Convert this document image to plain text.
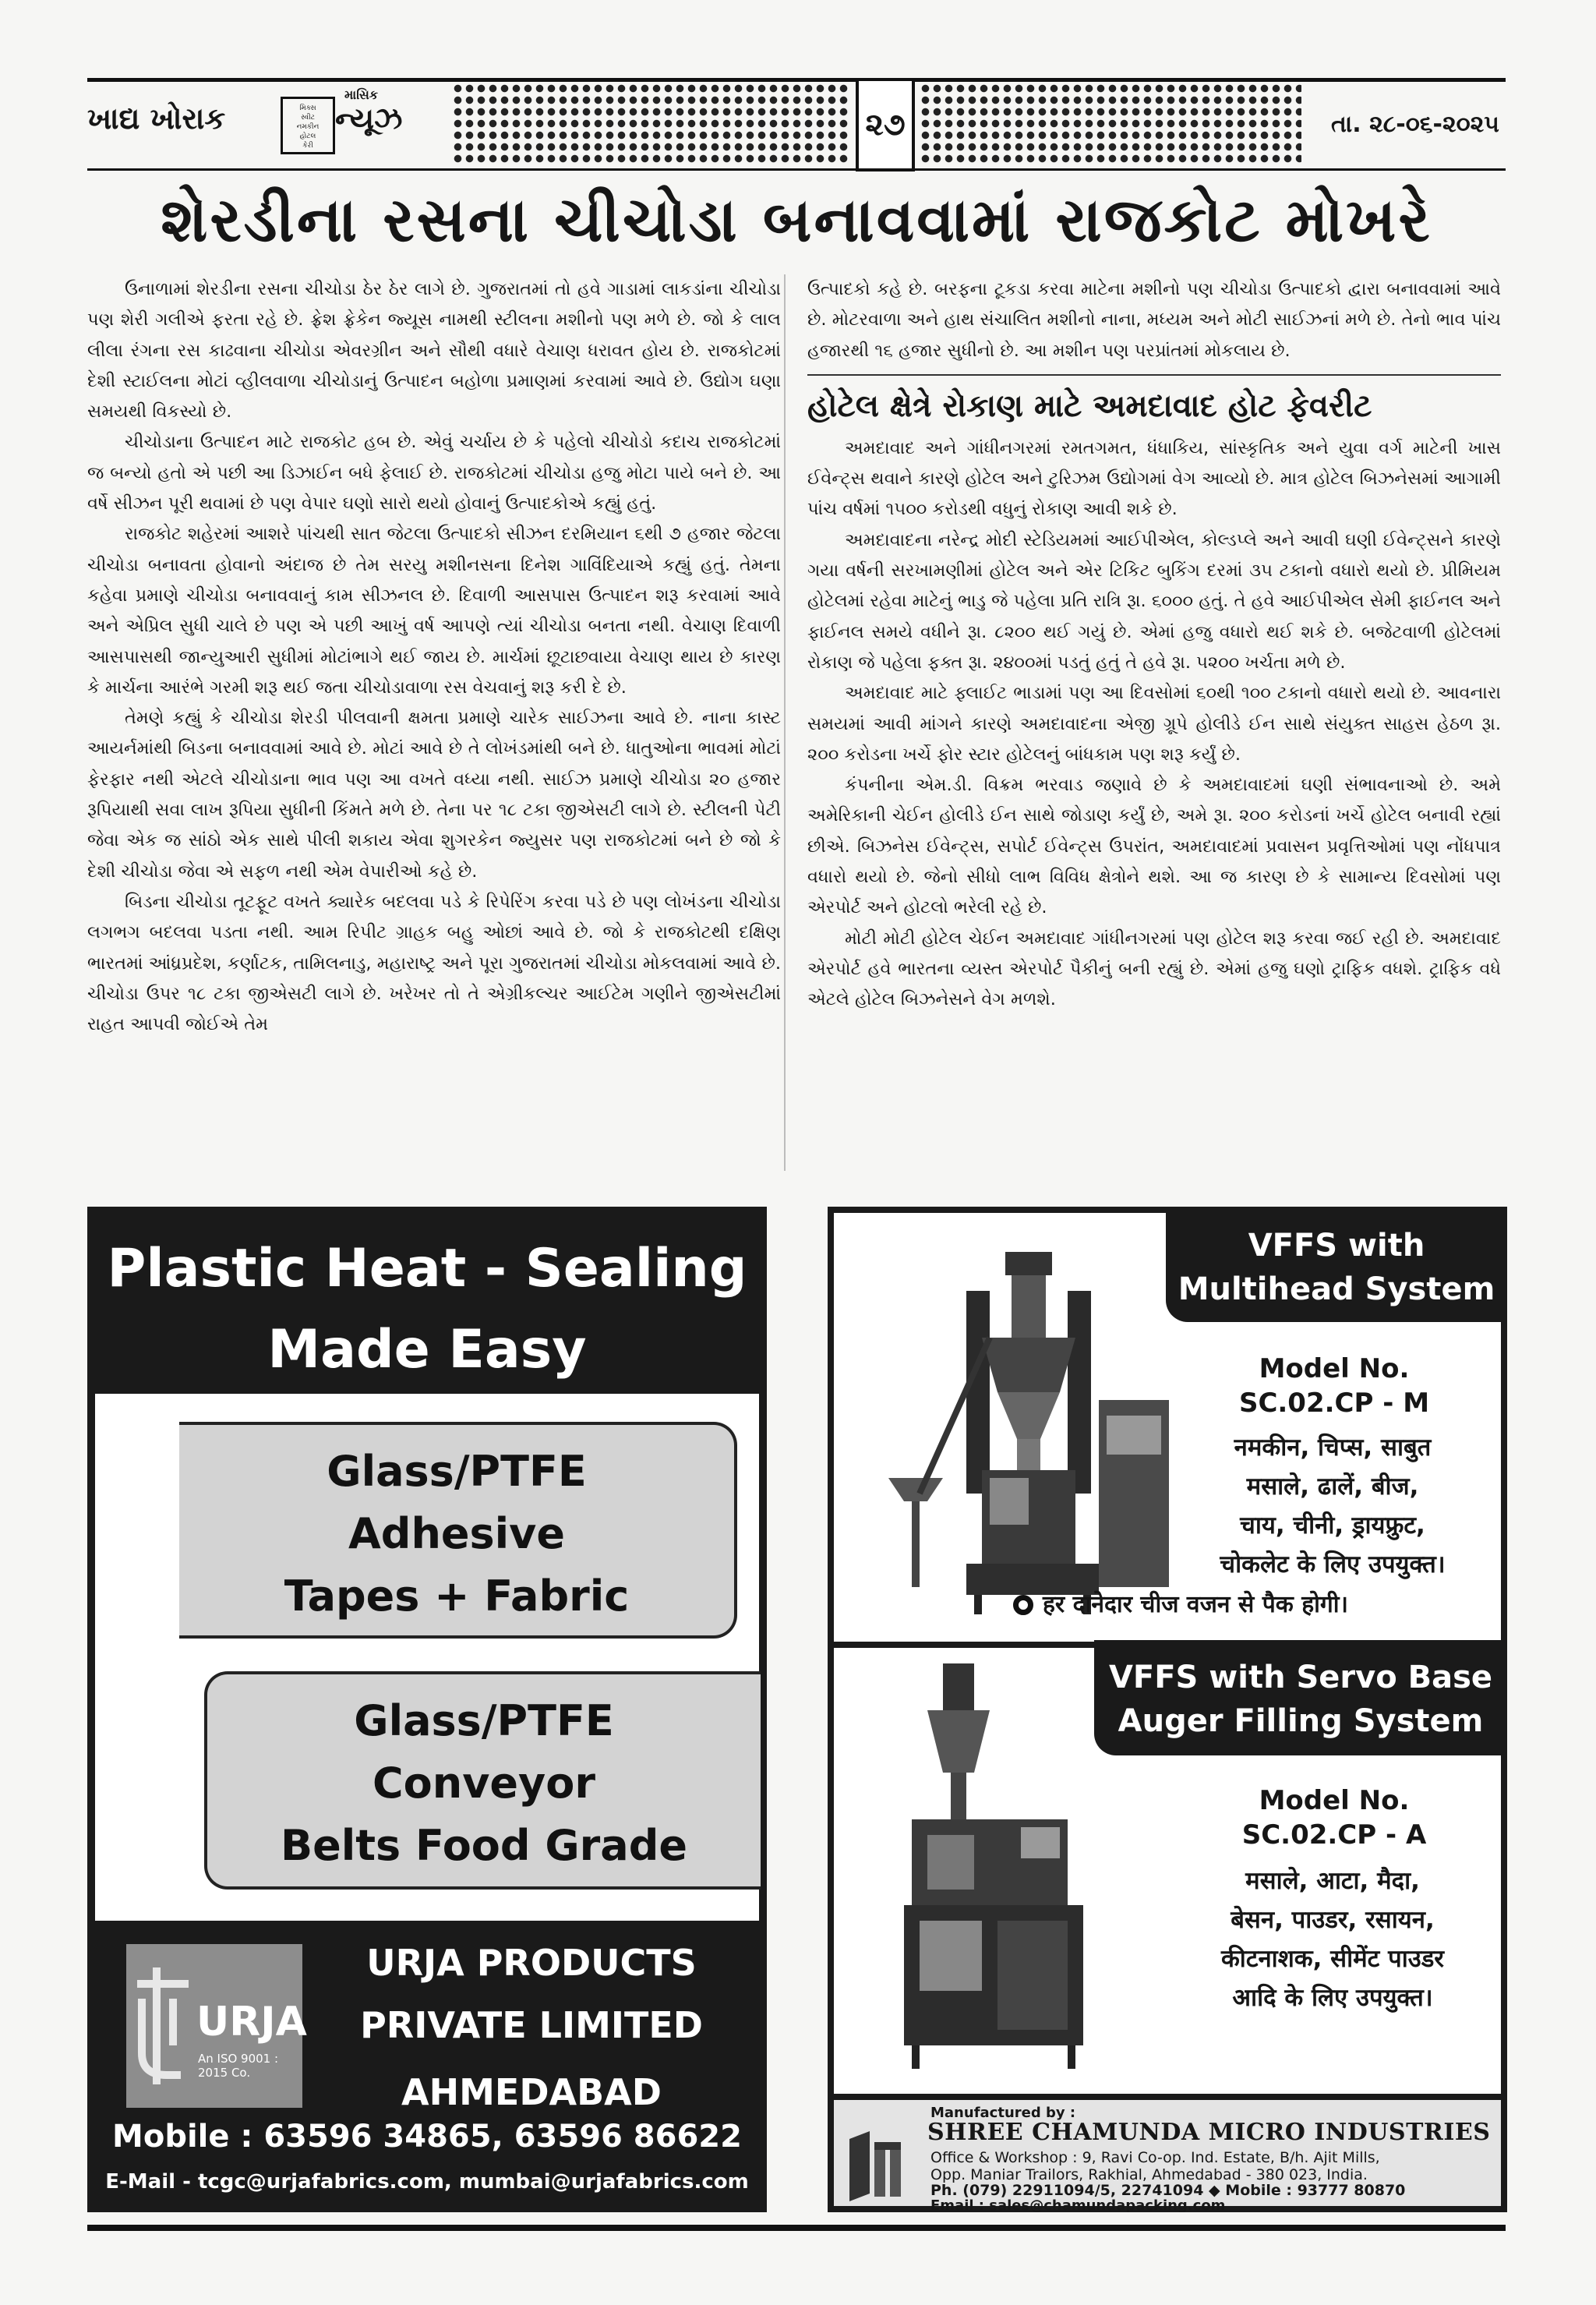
ખાદ્ય ખોરાક	મિક્સ
સ્વીટ
નમકીન
હોટલ
કેરી
માસિક
ન્યૂઝ	૨૭	તા. ૨૮-૦૬-૨૦૨૫
શેરડીના રસના ચીચોડા બનાવવામાં રાજકોટ મોખરે

ઉનાળામાં શેરડીના રસના ચીચોડા ઠેર ઠેર લાગે છે. ગુજરાતમાં તો હવે ગાડામાં લાકડાંના ચીચોડા પણ શેરી ગલીએ ફરતા રહે છે. ફ્રેશ ફ્રેકેન જ્યૂસ નામથી સ્ટીલના મશીનો પણ મળે છે. જો કે લાલ લીલા રંગના રસ કાઢવાના ચીચોડા એવરગ્રીન અને સૌથી વધારે વેચાણ ધરાવત હોય છે. રાજકોટમાં દેશી સ્ટાઈલના મોટાં વ્હીલવાળા ચીચોડાનું ઉત્પાદન બહોળા પ્રમાણમાં કરવામાં આવે છે. ઉદ્યોગ ઘણા સમયથી વિકસ્યો છે.

ચીચોડાના ઉત્પાદન માટે રાજકોટ હબ છે. એવું ચર્ચાય છે કે પહેલો ચીચોડો કદાચ રાજકોટમાં જ બન્યો હતો એ પછી આ ડિઝાઈન બધે ફેલાઈ છે. રાજકોટમાં ચીચોડા હજુ મોટા પાયે બને છે. આ વર્ષે સીઝન પૂરી થવામાં છે પણ વેપાર ઘણો સારો થયો હોવાનું ઉત્પાદકોએ કહ્યું હતું.

રાજકોટ શહેરમાં આશરે પાંચથી સાત જેટલા ઉત્પાદકો સીઝન દરમિયાન ૬થી ૭ હજાર જેટલા ચીચોડા બનાવતા હોવાનો અંદાજ છે તેમ સરયુ મશીનસના દિનેશ ગાવિંદિયાએ કહ્યું હતું. તેમના કહેવા પ્રમાણે ચીચોડા બનાવવાનું કામ સીઝનલ છે. દિવાળી આસપાસ ઉત્પાદન શરૂ કરવામાં આવે અને એપ્રિલ સુધી ચાલે છે પણ એ પછી આખું વર્ષ આપણે ત્યાં ચીચોડા બનતા નથી. વેચાણ દિવાળી આસપાસથી જાન્યુઆરી સુધીમાં મોટાંભાગે થઈ જાય છે. માર્ચમાં છૂટાછવાયા વેચાણ થાય છે કારણ કે માર્ચના આરંભે ગરમી શરૂ થઈ જતા ચીચોડાવાળા રસ વેચવાનું શરૂ કરી દે છે.

તેમણે કહ્યું કે ચીચોડા શેરડી પીલવાની ક્ષમતા પ્રમાણે ચારેક સાઈઝના આવે છે. નાના કાસ્ટ આયર્નમાંથી બિડના બનાવવામાં આવે છે. મોટાં આવે છે તે લોખંડમાંથી બને છે. ધાતુઓના ભાવમાં મોટાં ફેરફાર નથી એટલે ચીચોડાના ભાવ પણ આ વખતે વધ્યા નથી. સાઈઝ પ્રમાણે ચીચોડા ૨૦ હજાર રૂપિયાથી સવા લાખ રૂપિયા સુધીની કિંમતે મળે છે. તેના પર ૧૮ ટકા જીએસટી લાગે છે. સ્ટીલની પેટી જેવા એક જ સાંઠો એક સાથે પીલી શકાય એવા શુગરકેન જ્યુસર પણ રાજકોટમાં બને છે જો કે દેશી ચીચોડા જેવા એ સફળ નથી એમ વેપારીઓ કહે છે.

બિડના ચીચોડા તૂટફૂટ વખતે ક્યારેક બદલવા પડે કે રિપેરિંગ કરવા પડે છે પણ લોખંડના ચીચોડા લગભગ બદલવા પડતા નથી. આમ રિપીટ ગ્રાહક બહુ ઓછાં આવે છે. જો કે રાજકોટથી દક્ષિણ ભારતમાં આંધ્રપ્રદેશ, કર્ણાટક, તામિલનાડુ, મહારાષ્ટ્ર અને પૂરા ગુજરાતમાં ચીચોડા મોકલવામાં આવે છે. ચીચોડા ઉપર ૧૮ ટકા જીએસટી લાગે છે. ખરેખર તો તે એગ્રીકલ્ચર આઈટેમ ગણીને જીએસટીમાં રાહત આપવી જોઈએ તેમ

ઉત્પાદકો કહે છે. બરફના ટૂકડા કરવા માટેના મશીનો પણ ચીચોડા ઉત્પાદકો દ્વારા બનાવવામાં આવે છે. મોટરવાળા અને હાથ સંચાલિત મશીનો નાના, મધ્યમ અને મોટી સાઈઝનાં મળે છે. તેનો ભાવ પાંચ હજારથી ૧૬ હજાર સુધીનો છે. આ મશીન પણ પરપ્રાંતમાં મોકલાય છે.
હોટેલ ક્ષેત્રે રોકાણ માટે અમદાવાદ હોટ ફેવરીટ

અમદાવાદ અને ગાંધીનગરમાં રમતગમત, ધંધાકિય, સાંસ્કૃતિક અને યુવા વર્ગ માટેની ખાસ ઈવેન્ટ્સ થવાને કારણે હોટેલ અને ટુરિઝમ ઉદ્યોગમાં વેગ આવ્યો છે. માત્ર હોટેલ બિઝનેસમાં આગામી પાંચ વર્ષમાં ૧૫૦૦ કરોડથી વધુનું રોકાણ આવી શકે છે.

અમદાવાદના નરેન્દ્ર મોદી સ્ટેડિયમમાં આઈપીએલ, કોલ્ડપ્લે અને આવી ઘણી ઈવેન્ટ્સને કારણે ગયા વર્ષની સરખામણીમાં હોટેલ અને એર ટિકિટ બુકિંગ દરમાં ૩૫ ટકાનો વધારો થયો છે. પ્રીમિયમ હોટેલમાં રહેવા માટેનું ભાડુ જે પહેલા પ્રતિ રાત્રિ રૂા. ૬૦૦૦ હતું. તે હવે આઈપીએલ સેમી ફાઈનલ અને ફાઈનલ સમયે વધીને રૂા. ૮૨૦૦ થઈ ગયું છે. એમાં હજુ વધારો થઈ શકે છે. બજેટવાળી હોટેલમાં રોકાણ જે પહેલા ફક્ત રૂા. ૨૪૦૦માં પડતું હતું તે હવે રૂા. ૫૨૦૦ ખર્ચતા મળે છે.

અમદાવાદ માટે ફ્લાઈટ ભાડામાં પણ આ દિવસોમાં ૬૦થી ૧૦૦ ટકાનો વધારો થયો છે. આવનારા સમયમાં આવી માંગને કારણે અમદાવાદના એજી ગ્રૂપે હોલીડે ઈન સાથે સંયુક્ત સાહસ હેઠળ રૂા. ૨૦૦ કરોડના ખર્ચે ફોર સ્ટાર હોટેલનું બાંધકામ પણ શરૂ કર્યું છે.

કંપનીના એમ.ડી. વિક્રમ ભરવાડ જણાવે છે કે અમદાવાદમાં ઘણી સંભાવનાઓ છે. અમે અમેરિકાની ચેઈન હોલીડે ઈન સાથે જોડાણ કર્યું છે, અમે રૂા. ૨૦૦ કરોડનાં ખર્ચે હોટેલ બનાવી રહ્યાં છીએ. બિઝનેસ ઈવેન્ટ્સ, સપોર્ટ ઈવેન્ટ્સ ઉપરાંત, અમદાવાદમાં પ્રવાસન પ્રવૃત્તિઓમાં પણ નોંધપાત્ર વધારો થયો છે. જેનો સીધો લાભ વિવિધ ક્ષેત્રોને થશે. આ જ કારણ છે કે સામાન્ય દિવસોમાં પણ એરપોર્ટ અને હોટલો ભરેલી રહે છે.

મોટી મોટી હોટેલ ચેઈન અમદાવાદ ગાંધીનગરમાં પણ હોટેલ શરૂ કરવા જઈ રહી છે. અમદાવાદ એરપોર્ટ હવે ભારતના વ્યસ્ત એરપોર્ટ પૈકીનું બની રહ્યું છે. એમાં હજુ ઘણો ટ્રાફિક વધશે. ટ્રાફિક વધે એટલે હોટેલ બિઝનેસને વેગ મળશે.

Plastic Heat - Sealing
Made Easy
Glass/PTFE
Adhesive
Tapes + Fabric
Glass/PTFE
Conveyor
Belts Food Grade
URJA
An ISO 9001 : 2015 Co.
URJA PRODUCTS
PRIVATE LIMITED
AHMEDABAD
Mobile : 63596 34865, 63596 86622
E-Mail - tcgc@urjafabrics.com, mumbai@urjafabrics.com
हर दानेदार चीज वजन से पैक होगी।
VFFS with
Multihead System
Model No.
SC.02.CP - M
नमकीन, चिप्स, साबुत
मसाले, ढालें, बीज,
चाय, चीनी, ड्रायफ्रुट,
चोकलेट के लिए उपयुक्त।
VFFS with Servo Base
Auger Filling System
Model No.
SC.02.CP - A
मसाले, आटा, मैदा,
बेसन, पाउडर, रसायन,
कीटनाशक, सीमेंट पाउडर
आदि के लिए उपयुक्त।
Manufactured by :
SHREE CHAMUNDA MICRO INDUSTRIES
Office & Workshop : 9, Ravi Co-op. Ind. Estate, B/h. Ajit Mills,
Opp. Maniar Trailors, Rakhial, Ahmedabad - 380 023, India.
Ph. (079) 22911094/5, 22741094 ◆ Mobile : 93777 80870
Email : sales@chamundapacking.com
